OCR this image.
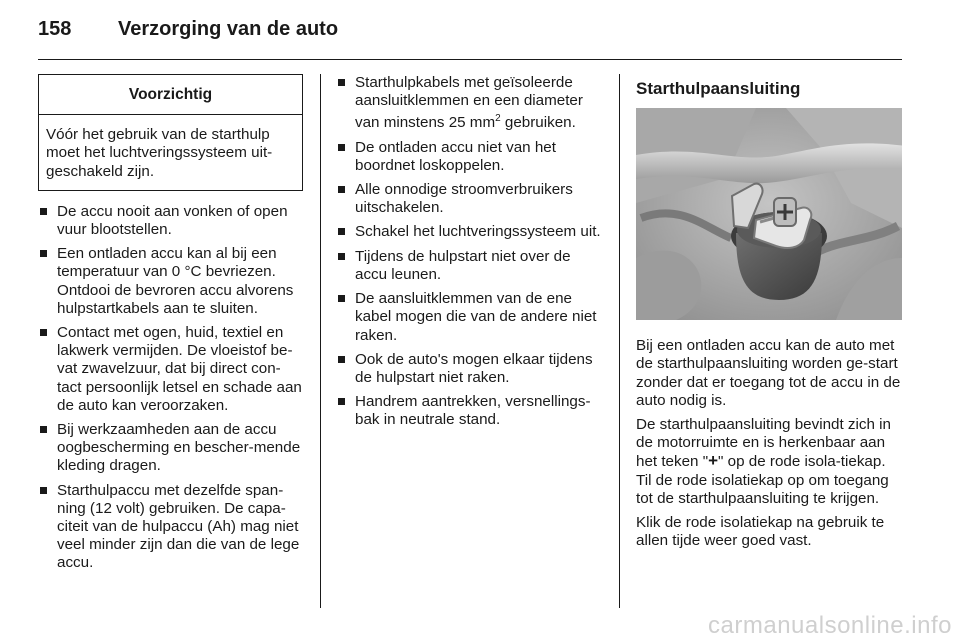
158 Verzorging van de auto
Voorzichtig
Vóór het gebruik van de starthulp moet het luchtveringssysteem uit-geschakeld zijn.
De accu nooit aan vonken of open vuur blootstellen.
Een ontladen accu kan al bij een temperatuur van 0 °C bevriezen. Ontdooi de bevroren accu alvorens hulpstartkabels aan te sluiten.
Contact met ogen, huid, textiel en lakwerk vermijden. De vloeistof be-vat zwavelzuur, dat bij direct con-tact persoonlijk letsel en schade aan de auto kan veroorzaken.
Bij werkzaamheden aan de accu oogbescherming en bescher-mende kleding dragen.
Starthulpaccu met dezelfde span-ning (12 volt) gebruiken. De capa-citeit van de hulpaccu (Ah) mag niet veel minder zijn dan die van de lege accu.
Starthulpkabels met geïsoleerde aansluitklemmen en een diameter van minstens 25 $mm^2$ gebruiken.
De ontladen accu niet van het boordnet loskoppelen.
Alle onnodige stroomverbruikers uitschakelen.
Schakel het luchtveringssysteem uit.
Tijdens de hulpstart niet over de accu leunen.
De aansluitklemmen van de ene kabel mogen die van de andere niet raken.
Ook de auto's mogen elkaar tijdens de hulpstart niet raken.
Handrem aantrekken, versnellings-bak in neutrale stand.
Starthulpaansluiting

Bij een ontladen accu kan de auto met de starthulpaansluiting worden ge-start zonder dat er toegang tot de accu in de auto nodig is.

De starthulpaansluiting bevindt zich in de motorruimte en is herkenbaar aan het teken "+" op de rode isola-tiekap. Til de rode isolatiekap op om toegang tot de starthulpaansluiting te krijgen.

Klik de rode isolatiekap na gebruik te allen tijde weer goed vast.

carmanualsonline.info
